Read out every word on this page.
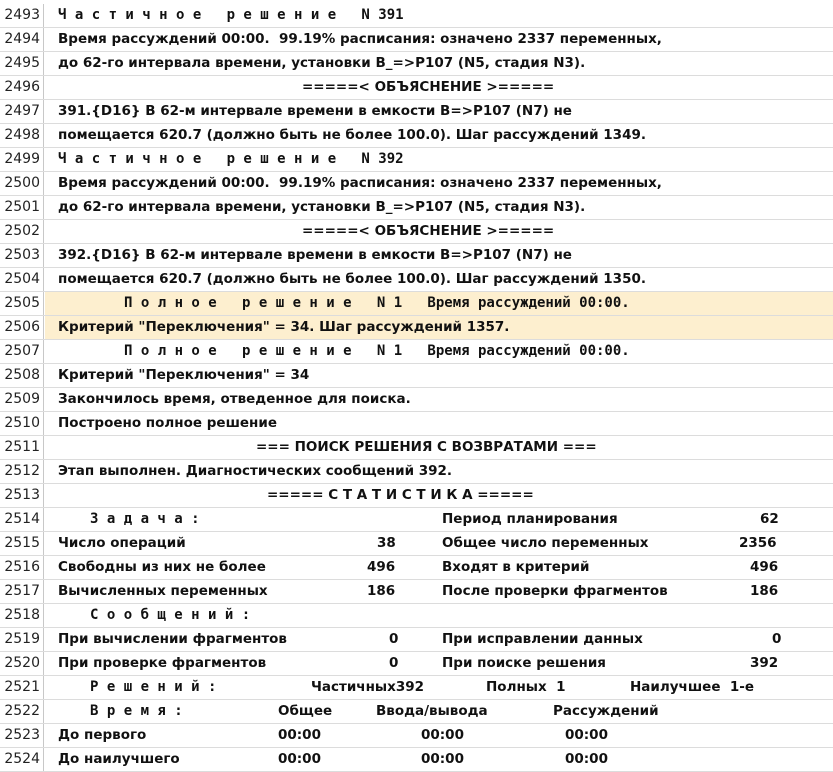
2493 Ч а с т и ч н о е   р е ш е н и е   N 391
2494 Время рассуждений 00:00.  99.19% расписания: означено 2337 переменных,
2495 до 62-го интервала времени, установки В_=>Р107 (N5, стадия N3).
2496	=====< ОБЪЯСНЕНИЕ >=====
2497 391.{D16} В 62-м интервале времени в емкости В=>Р107 (N7) не
2498 помещается 620.7 (должно быть не более 100.0). Шаг рассуждений 1349.
2499 Ч а с т и ч н о е   р е ш е н и е   N 392
2500 Время рассуждений 00:00.  99.19% расписания: означено 2337 переменных,
2501 до 62-го интервала времени, установки В_=>Р107 (N5, стадия N3).
2502	=====< ОБЪЯСНЕНИЕ >=====
2503 392.{D16} В 62-м интервале времени в емкости В=>Р107 (N7) не
2504 помещается 620.7 (должно быть не более 100.0). Шаг рассуждений 1350.
2505	П о л н о е   р е ш е н и е   N 1   Время рассуждений 00:00.
2506 Критерий "Переключения" = 34. Шаг рассуждений 1357.
2507	П о л н о е   р е ш е н и е   N 1   Время рассуждений 00:00.
2508 Критерий "Переключения" = 34
2509 Закончилось время, отведенное для поиска.
2510 Построено полное решение
2511	=== ПОИСК РЕШЕНИЯ С ВОЗВРАТАМИ ===
2512 Этап выполнен. Диагностических сообщений 392.
2513	===== С Т А Т И С Т И К А =====
2514	З а д а ч а :	Период планирования	62
2515 Число операций	38	Общее число переменных	2356
2516 Свободны из них не более	496	Входят в критерий	496
2517 Вычисленных переменных	186	После проверки фрагментов	186
2518	С о о б щ е н и й :
2519 При вычислении фрагментов	0	При исправлении данных	0
2520 При проверке фрагментов	0	При поиске решения	392
2521	Р е ш е н и й :	Частичных392	Полных  1	Наилучшее  1-е
2522	В р е м я :	Общее	Ввода/вывода	Рассуждений
2523 До первого	00:00	00:00	00:00
2524 До наилучшего	00:00	00:00	00:00
